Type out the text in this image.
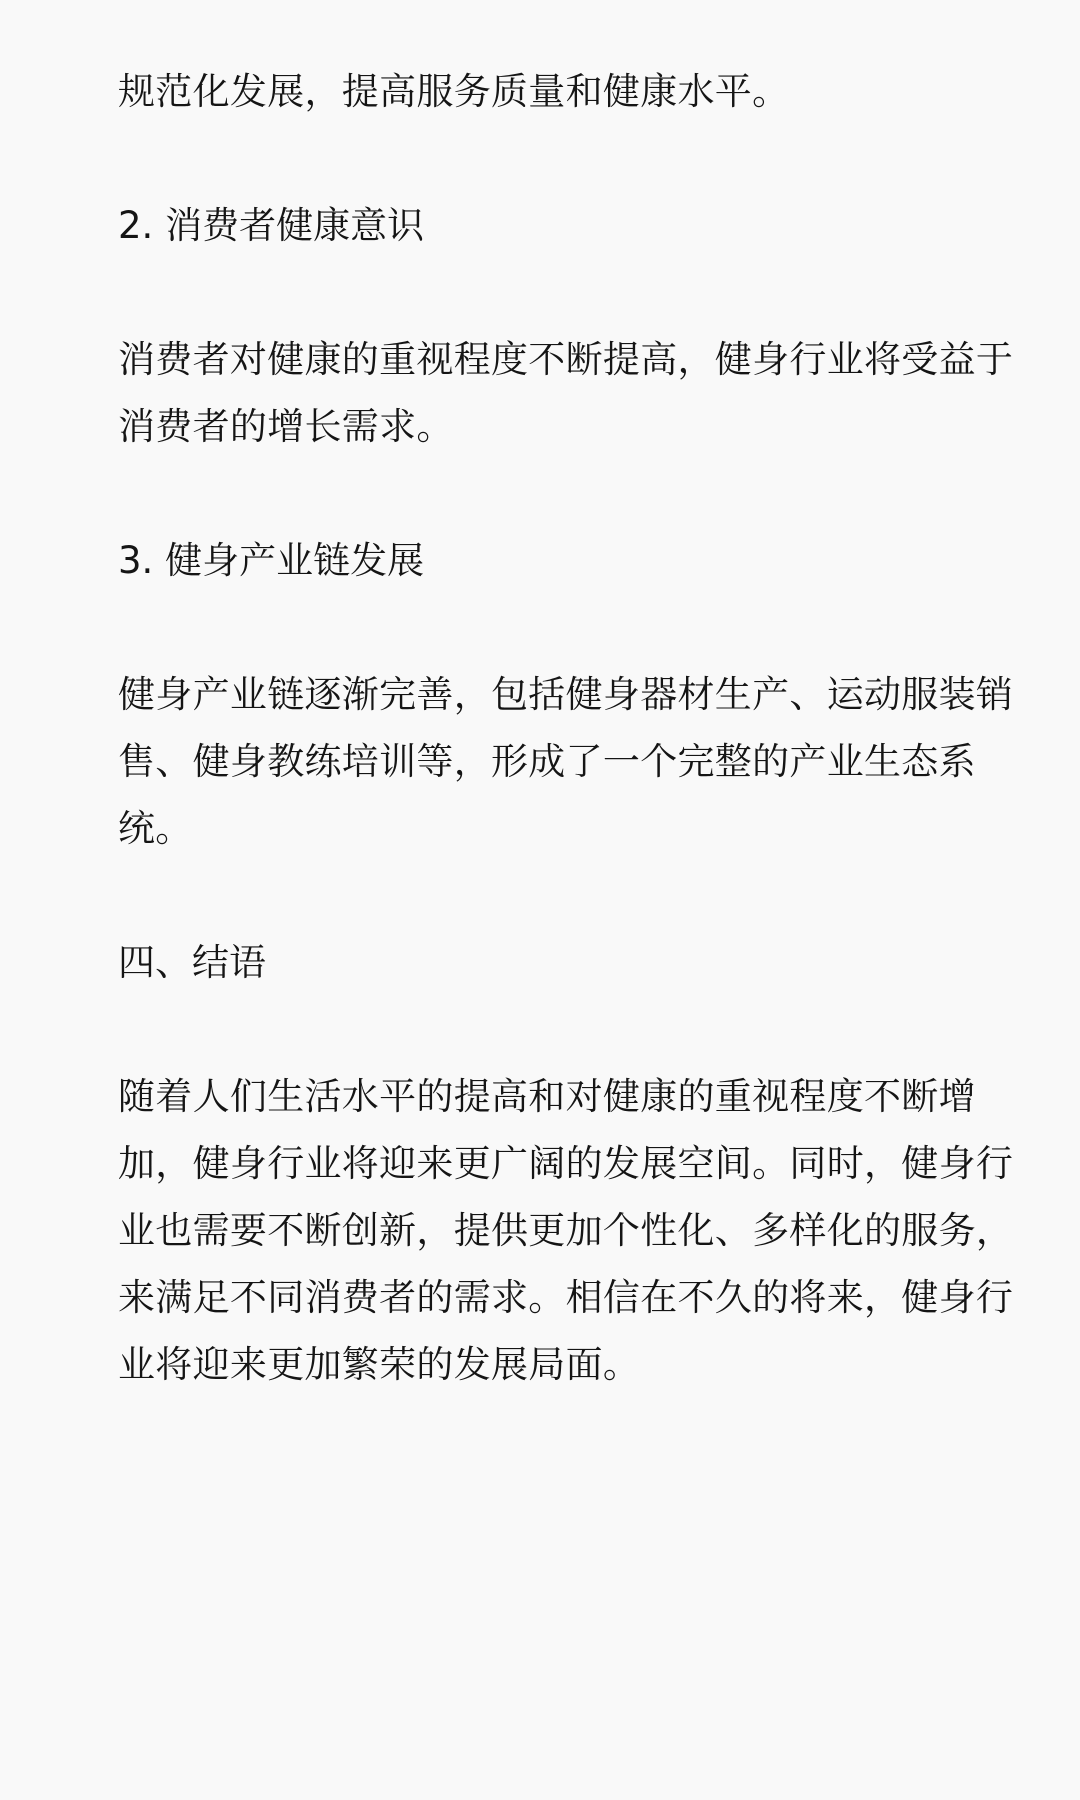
规范化发展，提高服务质量和健康水平。

2. 消费者健康意识

消费者对健康的重视程度不断提高，健身行业将受益于消费者的增长需求。

3. 健身产业链发展

健身产业链逐渐完善，包括健身器材生产、运动服装销售、健身教练培训等，形成了一个完整的产业生态系统。

四、结语

随着人们生活水平的提高和对健康的重视程度不断增加，健身行业将迎来更广阔的发展空间。同时，健身行业也需要不断创新，提供更加个性化、多样化的服务，来满足不同消费者的需求。相信在不久的将来，健身行业将迎来更加繁荣的发展局面。
